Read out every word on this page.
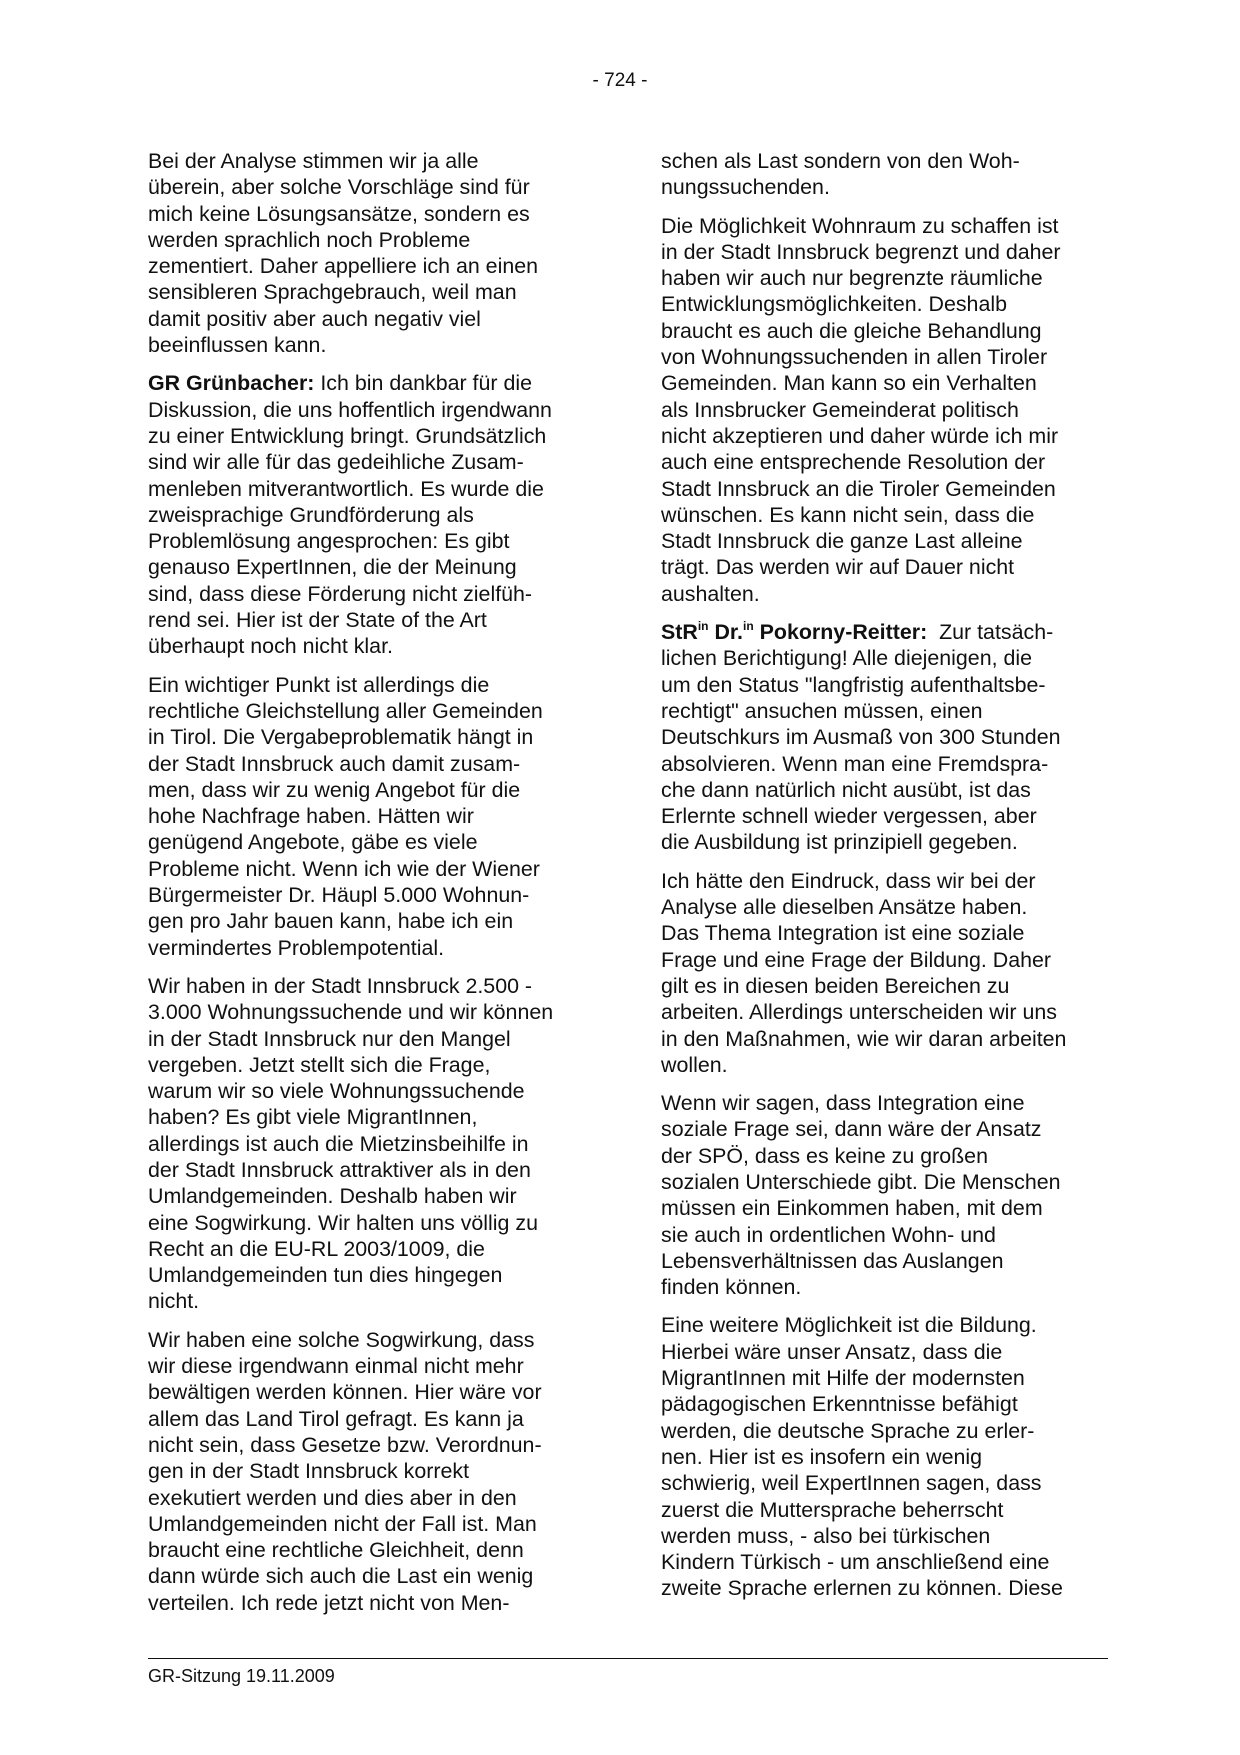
- 724 -

Bei der Analyse stimmen wir ja alle
überein, aber solche Vorschläge sind für
mich keine Lösungsansätze, sondern es
werden sprachlich noch Probleme
zementiert. Daher appelliere ich an einen
sensibleren Sprachgebrauch, weil man
damit positiv aber auch negativ viel
beeinflussen kann.

GR Grünbacher: Ich bin dankbar für die
Diskussion, die uns hoffentlich irgendwann
zu einer Entwicklung bringt. Grundsätzlich
sind wir alle für das gedeihliche Zusam-
menleben mitverantwortlich. Es wurde die
zweisprachige Grundförderung als
Problemlösung angesprochen: Es gibt
genauso ExpertInnen, die der Meinung
sind, dass diese Förderung nicht zielfüh-
rend sei. Hier ist der State of the Art
überhaupt noch nicht klar.

Ein wichtiger Punkt ist allerdings die
rechtliche Gleichstellung aller Gemeinden
in Tirol. Die Vergabeproblematik hängt in
der Stadt Innsbruck auch damit zusam-
men, dass wir zu wenig Angebot für die
hohe Nachfrage haben. Hätten wir
genügend Angebote, gäbe es viele
Probleme nicht. Wenn ich wie der Wiener
Bürgermeister Dr. Häupl 5.000 Wohnun-
gen pro Jahr bauen kann, habe ich ein
vermindertes Problempotential.

Wir haben in der Stadt Innsbruck 2.500 -
3.000 Wohnungssuchende und wir können
in der Stadt Innsbruck nur den Mangel
vergeben. Jetzt stellt sich die Frage,
warum wir so viele Wohnungssuchende
haben? Es gibt viele MigrantInnen,
allerdings ist auch die Mietzinsbeihilfe in
der Stadt Innsbruck attraktiver als in den
Umlandgemeinden. Deshalb haben wir
eine Sogwirkung. Wir halten uns völlig zu
Recht an die EU-RL 2003/1009, die
Umlandgemeinden tun dies hingegen
nicht.

Wir haben eine solche Sogwirkung, dass
wir diese irgendwann einmal nicht mehr
bewältigen werden können. Hier wäre vor
allem das Land Tirol gefragt. Es kann ja
nicht sein, dass Gesetze bzw. Verordnun-
gen in der Stadt Innsbruck korrekt
exekutiert werden und dies aber in den
Umlandgemeinden nicht der Fall ist. Man
braucht eine rechtliche Gleichheit, denn
dann würde sich auch die Last ein wenig
verteilen. Ich rede jetzt nicht von Men-

schen als Last sondern von den Woh-
nungssuchenden.

Die Möglichkeit Wohnraum zu schaffen ist
in der Stadt Innsbruck begrenzt und daher
haben wir auch nur begrenzte räumliche
Entwicklungsmöglichkeiten. Deshalb
braucht es auch die gleiche Behandlung
von Wohnungssuchenden in allen Tiroler
Gemeinden. Man kann so ein Verhalten
als Innsbrucker Gemeinderat politisch
nicht akzeptieren und daher würde ich mir
auch eine entsprechende Resolution der
Stadt Innsbruck an die Tiroler Gemeinden
wünschen. Es kann nicht sein, dass die
Stadt Innsbruck die ganze Last alleine
trägt. Das werden wir auf Dauer nicht
aushalten.

StR$^{in}$ Dr.$^{in}$ Pokorny-Reitter:  Zur tatsäch-
lichen Berichtigung! Alle diejenigen, die
um den Status "langfristig aufenthaltsbe-
rechtigt" ansuchen müssen, einen
Deutschkurs im Ausmaß von 300 Stunden
absolvieren. Wenn man eine Fremdspra-
che dann natürlich nicht ausübt, ist das
Erlernte schnell wieder vergessen, aber
die Ausbildung ist prinzipiell gegeben.

Ich hätte den Eindruck, dass wir bei der
Analyse alle dieselben Ansätze haben.
Das Thema Integration ist eine soziale
Frage und eine Frage der Bildung. Daher
gilt es in diesen beiden Bereichen zu
arbeiten. Allerdings unterscheiden wir uns
in den Maßnahmen, wie wir daran arbeiten
wollen.

Wenn wir sagen, dass Integration eine
soziale Frage sei, dann wäre der Ansatz
der SPÖ, dass es keine zu großen
sozialen Unterschiede gibt. Die Menschen
müssen ein Einkommen haben, mit dem
sie auch in ordentlichen Wohn- und
Lebensverhältnissen das Auslangen
finden können.

Eine weitere Möglichkeit ist die Bildung.
Hierbei wäre unser Ansatz, dass die
MigrantInnen mit Hilfe der modernsten
pädagogischen Erkenntnisse befähigt
werden, die deutsche Sprache zu erler-
nen. Hier ist es insofern ein wenig
schwierig, weil ExpertInnen sagen, dass
zuerst die Muttersprache beherrscht
werden muss, - also bei türkischen
Kindern Türkisch - um anschließend eine
zweite Sprache erlernen zu können. Diese

GR-Sitzung 19.11.2009
